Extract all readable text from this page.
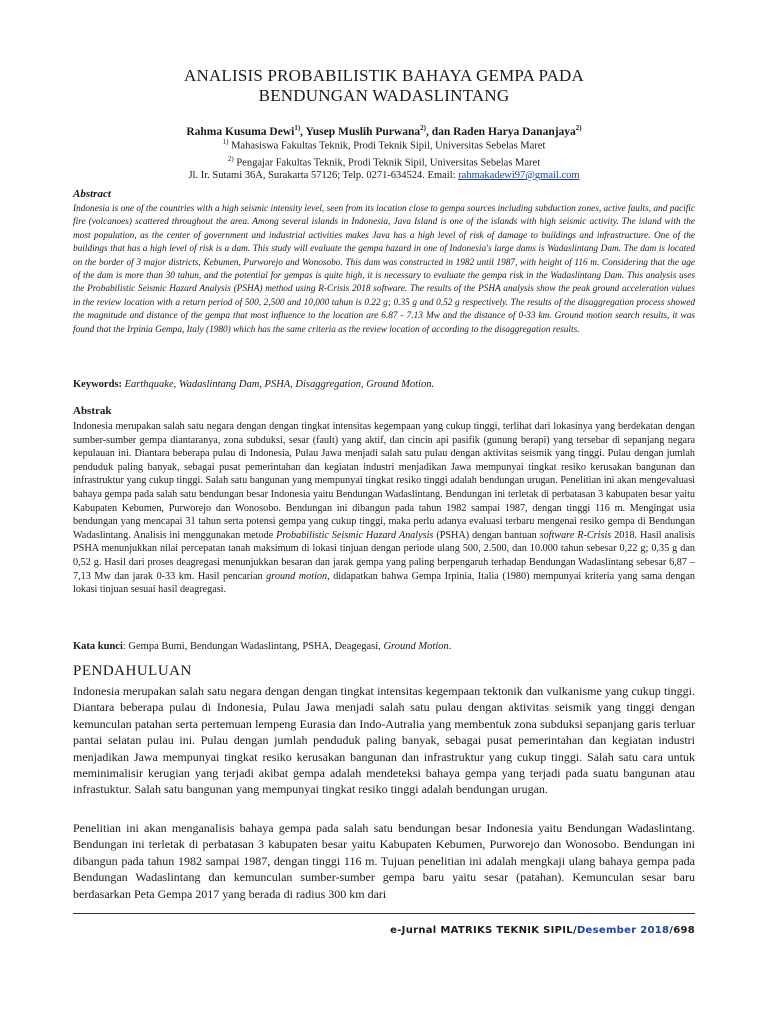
ANALISIS PROBABILISTIK BAHAYA GEMPA PADA
BENDUNGAN WADASLINTANG
Rahma Kusuma Dewi$^{1)}$, Yusep Muslih Purwana$^{2)}$, dan Raden Harya Dananjaya$^{2)}$
$^{1)}$ Mahasiswa Fakultas Teknik, Prodi Teknik Sipil, Universitas Sebelas Maret
$^{2)}$ Pengajar Fakultas Teknik, Prodi Teknik Sipil, Universitas Sebelas Maret
Jl. Ir. Sutami 36A, Surakarta 57126; Telp. 0271-634524. Email: rahmakadewi97@gmail.com
Abstract
Indonesia is one of the countries with a high seismic intensity level, seen from its location close to gempa sources including subduction zones, active faults, and pacific fire (volcanoes) scattered throughout the area. Among several islands in Indonesia, Java Island is one of the islands with high seismic activity. The island with the most population, as the center of government and industrial activities makes Java has a high level of risk of damage to buildings and infrastructure. One of the buildings that has a high level of risk is a dam. This study will evaluate the gempa hazard in one of Indonesia's large dams is Wadaslintang Dam. The dam is located on the border of 3 major districts, Kebumen, Purworejo and Wonosobo. This dam was constructed in 1982 until 1987, with height of 116 m. Considering that the age of the dam is more than 30 tahun, and the potential for gempas is quite high, it is necessary to evaluate the gempa risk in the Wadaslintang Dam. This analysis uses the Probabilistic Seismic Hazard Analysis (PSHA) method using R-Crisis 2018 software. The results of the PSHA analysis show the peak ground acceleration values in the review location with a return period of 500, 2,500 and 10,000 tahun is 0.22 g; 0.35 g and 0.52 g respectively. The results of the disaggregation process showed the magnitude and distance of the gempa that most influence to the location are 6.87 - 7.13 Mw and the distance of 0-33 km. Ground motion search results, it was found that the Irpinia Gempa, Italy (1980) which has the same criteria as the review location of according to the disaggregation results.
Keywords: Earthquake, Wadaslintang Dam, PSHA, Disaggregation, Ground Motion.
Abstrak
Indonesia merupakan salah satu negara dengan dengan tingkat intensitas kegempaan yang cukup tinggi, terlihat dari lokasinya yang berdekatan dengan sumber-sumber gempa diantaranya, zona subduksi, sesar (fault) yang aktif, dan cincin api pasifik (gunung berapi) yang tersebar di sepanjang negara kepulauan ini. Diantara beberapa pulau di Indonesia, Pulau Jawa menjadi salah satu pulau dengan aktivitas seismik yang tinggi. Pulau dengan jumlah penduduk paling banyak, sebagai pusat pemerintahan dan kegiatan industri menjadikan Jawa mempunyai tingkat resiko kerusakan bangunan dan infrastruktur yang cukup tinggi. Salah satu bangunan yang mempunyai tingkat resiko tinggi adalah bendungan urugan. Penelitian ini akan mengevaluasi bahaya gempa pada salah satu bendungan besar Indonesia yaitu Bendungan Wadaslintang. Bendungan ini terletak di perbatasan 3 kabupaten besar yaitu Kabupaten Kebumen, Purworejo dan Wonosobo. Bendungan ini dibangun pada tahun 1982 sampai 1987, dengan tinggi 116 m. Mengingat usia bendungan yang mencapai 31 tahun serta potensi gempa yang cukup tinggi, maka perlu adanya evaluasi terbaru mengenai resiko gempa di Bendungan Wadaslintang. Analisis ini menggunakan metode Probabilistic Seismic Hazard Analysis (PSHA) dengan bantuan software R-Crisis 2018. Hasil analisis PSHA menunjukkan nilai percepatan tanah maksimum di lokasi tinjuan dengan periode ulang 500, 2.500, dan 10.000 tahun sebesar 0,22 g; 0,35 g dan 0,52 g. Hasil dari proses deagregasi menunjukkan besaran dan jarak gempa yang paling berpengaruh terhadap Bendungan Wadaslintang sebesar 6,87 – 7,13 Mw dan jarak 0-33 km. Hasil pencarian ground motion, didapatkan bahwa Gempa Irpinia, Italia (1980) mempunyai kriteria yang sama dengan lokasi tinjuan sesuai hasil deagregasi.
Kata kunci: Gempa Bumi, Bendungan Wadaslintang, PSHA, Deagegasi, Ground Motion.
PENDAHULUAN
Indonesia merupakan salah satu negara dengan dengan tingkat intensitas kegempaan tektonik dan vulkanisme yang cukup tinggi. Diantara beberapa pulau di Indonesia, Pulau Jawa menjadi salah satu pulau dengan aktivitas seismik yang tinggi dengan kemunculan patahan serta pertemuan lempeng Eurasia dan Indo-Autralia yang membentuk zona subduksi sepanjang garis terluar pantai selatan pulau ini. Pulau dengan jumlah penduduk paling banyak, sebagai pusat pemerintahan dan kegiatan industri menjadikan Jawa mempunyai tingkat resiko kerusakan bangunan dan infrastruktur yang cukup tinggi. Salah satu cara untuk meminimalisir kerugian yang terjadi akibat gempa adalah mendeteksi bahaya gempa yang terjadi pada suatu bangunan atau infrastuktur. Salah satu bangunan yang mempunyai tingkat resiko tinggi adalah bendungan urugan.
Penelitian ini akan menganalisis bahaya gempa pada salah satu bendungan besar Indonesia yaitu Bendungan Wadaslintang. Bendungan ini terletak di perbatasan 3 kabupaten besar yaitu Kabupaten Kebumen, Purworejo dan Wonosobo. Bendungan ini dibangun pada tahun 1982 sampai 1987, dengan tinggi 116 m. Tujuan penelitian ini adalah mengkaji ulang bahaya gempa pada Bendungan Wadaslintang dan kemunculan sumber-sumber gempa baru yaitu sesar (patahan). Kemunculan sesar baru berdasarkan Peta Gempa 2017 yang berada di radius 300 km dari
e-Jurnal MATRIKS TEKNIK SIPIL/Desember 2018/698
